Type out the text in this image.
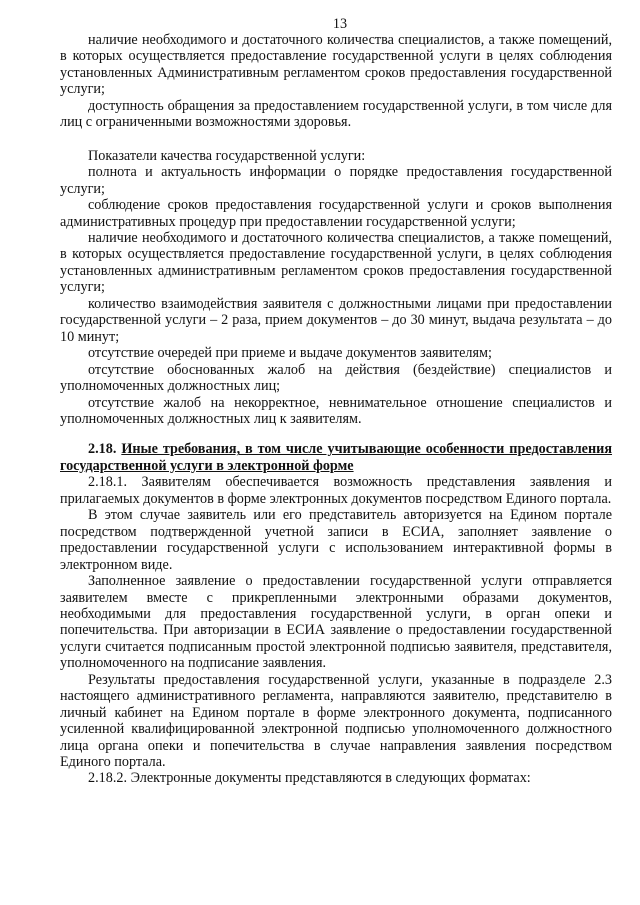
13

наличие необходимого и достаточного количества специалистов, а также помещений, в которых осуществляется предоставление государственной услуги в целях соблюдения установленных Административным регламентом сроков предоставления государственной услуги;

доступность обращения за предоставлением государственной услуги, в том числе для лиц с ограниченными возможностями здоровья.

Показатели качества государственной услуги:

полнота и актуальность информации о порядке предоставления государственной услуги;

соблюдение сроков предоставления государственной услуги и сроков выполнения административных процедур при предоставлении государственной услуги;

наличие необходимого и достаточного количества специалистов, а также помещений, в которых осуществляется предоставление государственной услуги, в целях соблюдения установленных административным регламентом сроков предоставления государственной услуги;

количество взаимодействия заявителя с должностными лицами при предоставлении государственной услуги – 2 раза, прием документов – до 30 минут, выдача результата – до 10 минут;

отсутствие очередей при приеме и выдаче документов заявителям;

отсутствие обоснованных жалоб на действия (бездействие) специалистов и уполномоченных должностных лиц;

отсутствие жалоб на некорректное, невнимательное отношение специалистов и уполномоченных должностных лиц к заявителям.

2.18. Иные требования, в том числе учитывающие особенности предоставления государственной услуги в электронной форме

2.18.1. Заявителям обеспечивается возможность представления заявления и прилагаемых документов в форме электронных документов посредством Единого портала.

В этом случае заявитель или его представитель авторизуется на Едином портале посредством подтвержденной учетной записи в ЕСИА, заполняет заявление о предоставлении государственной услуги с использованием интерактивной формы в электронном виде.

Заполненное заявление о предоставлении государственной услуги отправляется заявителем вместе с прикрепленными электронными образами документов, необходимыми для предоставления государственной услуги, в орган опеки и попечительства. При авторизации в ЕСИА заявление о предоставлении государственной услуги считается подписанным простой электронной подписью заявителя, представителя, уполномоченного на подписание заявления.

Результаты предоставления государственной услуги, указанные в подразделе 2.3 настоящего административного регламента, направляются заявителю, представителю в личный кабинет на Едином портале в форме электронного документа, подписанного усиленной квалифицированной электронной подписью уполномоченного должностного лица органа опеки и попечительства в случае направления заявления посредством Единого портала.

2.18.2. Электронные документы представляются в следующих форматах:
